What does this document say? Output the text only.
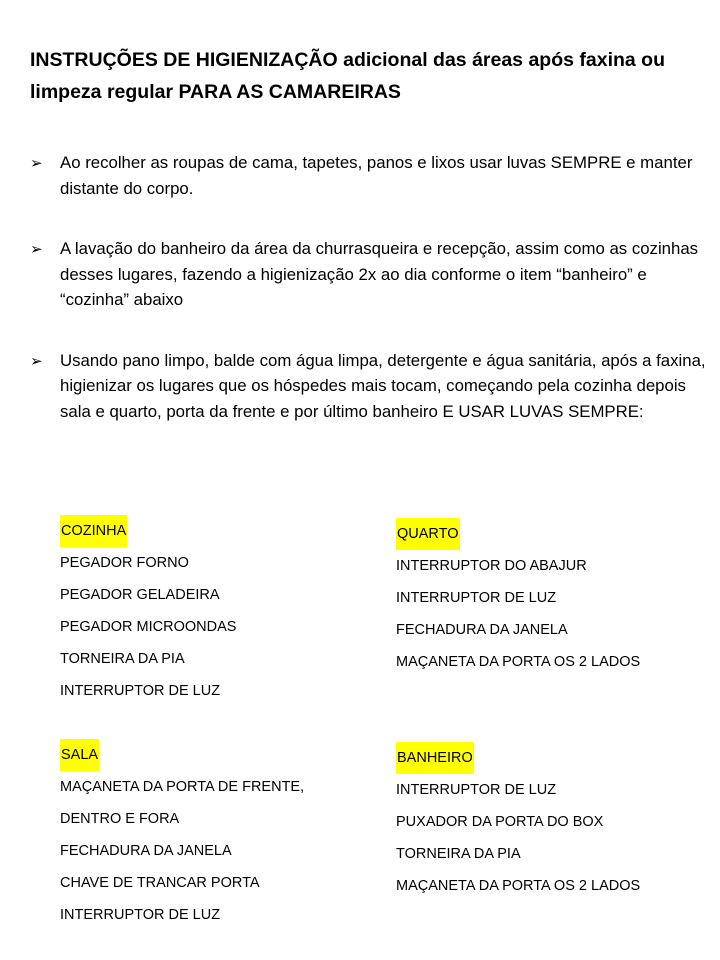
INSTRUÇÕES DE HIGIENIZAÇÃO adicional das áreas após faxina ou limpeza regular PARA AS CAMAREIRAS
➢ Ao recolher as roupas de cama, tapetes, panos e lixos usar luvas SEMPRE e manter distante do corpo.
➢ A lavação do banheiro da área da churrasqueira e recepção, assim como as cozinhas desses lugares, fazendo a higienização 2x ao dia conforme o item “banheiro” e “cozinha” abaixo
➢ Usando pano limpo, balde com água limpa, detergente e água sanitária, após a faxina, higienizar os lugares que os hóspedes mais tocam, começando pela cozinha depois sala e quarto, porta da frente e por último banheiro E USAR LUVAS SEMPRE:
COZINHA
PEGADOR FORNO
PEGADOR GELADEIRA
PEGADOR MICROONDAS
TORNEIRA DA PIA
INTERRUPTOR DE LUZ
QUARTO
INTERRUPTOR DO ABAJUR
INTERRUPTOR DE LUZ
FECHADURA DA JANELA
MAÇANETA DA PORTA OS 2 LADOS
SALA
MAÇANETA DA PORTA DE FRENTE,
DENTRO E FORA
FECHADURA DA JANELA
CHAVE DE TRANCAR PORTA
INTERRUPTOR DE LUZ
BANHEIRO
INTERRUPTOR DE LUZ
PUXADOR DA PORTA DO BOX
TORNEIRA DA PIA
MAÇANETA DA PORTA OS 2 LADOS
